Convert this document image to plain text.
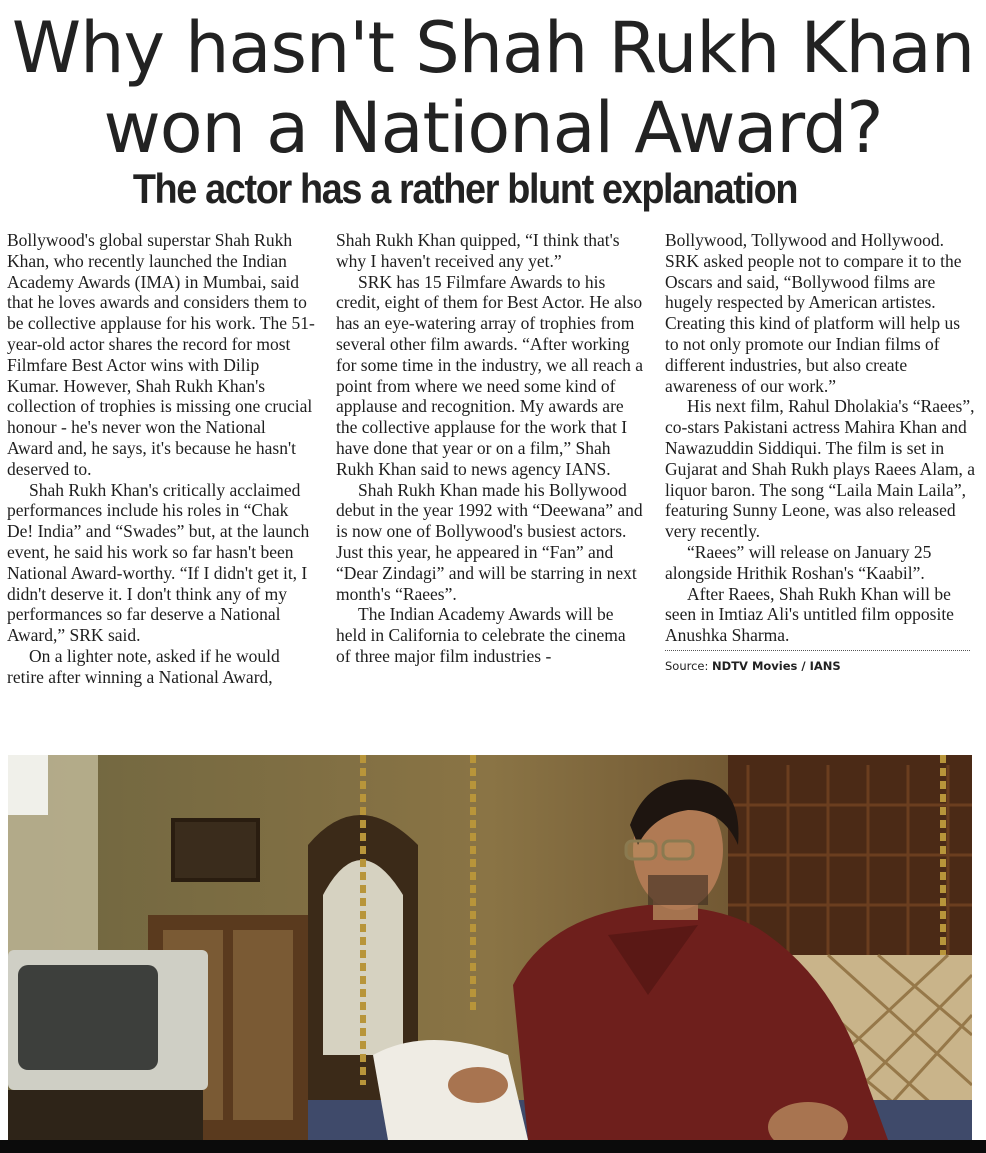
Why hasn't Shah Rukh Khan
won a National Award?
The actor has a rather blunt explanation

Bollywood's global superstar Shah Rukh Khan, who recently launched the Indian Academy Awards (IMA) in Mumbai, said that he loves awards and considers them to be collective applause for his work. The 51-year-old actor shares the record for most Filmfare Best Actor wins with Dilip Kumar. However, Shah Rukh Khan's collection of trophies is missing one crucial honour - he's never won the National Award and, he says, it's because he hasn't deserved to.

Shah Rukh Khan's critically acclaimed performances include his roles in “Chak De! India” and “Swades” but, at the launch event, he said his work so far hasn't been National Award-worthy. “If I didn't get it, I didn't deserve it. I don't think any of my performances so far deserve a National Award,” SRK said.

On a lighter note, asked if he would retire after winning a National Award,

Shah Rukh Khan quipped, “I think that's why I haven't received any yet.”

SRK has 15 Filmfare Awards to his credit, eight of them for Best Actor. He also has an eye-watering array of trophies from several other film awards. “After working for some time in the industry, we all reach a point from where we need some kind of applause and recognition. My awards are the collective applause for the work that I have done that year or on a film,” Shah Rukh Khan said to news agency IANS.

Shah Rukh Khan made his Bollywood debut in the year 1992 with “Deewana” and is now one of Bollywood's busiest actors. Just this year, he appeared in “Fan” and “Dear Zindagi” and will be starring in next month's “Raees”.

The Indian Academy Awards will be held in California to celebrate the cinema of three major film industries -

Bollywood, Tollywood and Hollywood. SRK asked people not to compare it to the Oscars and said, “Bollywood films are hugely respected by American artistes. Creating this kind of platform will help us to not only promote our Indian films of different industries, but also create awareness of our work.”

His next film, Rahul Dholakia's “Raees”, co-stars Pakistani actress Mahira Khan and Nawazuddin Siddiqui. The film is set in Gujarat and Shah Rukh plays Raees Alam, a liquor baron. The song “Laila Main Laila”, featuring Sunny Leone, was also released very recently.

“Raees” will release on January 25 alongside Hrithik Roshan's “Kaabil”.

After Raees, Shah Rukh Khan will be seen in Imtiaz Ali's untitled film opposite Anushka Sharma.

Source: NDTV Movies / IANS
